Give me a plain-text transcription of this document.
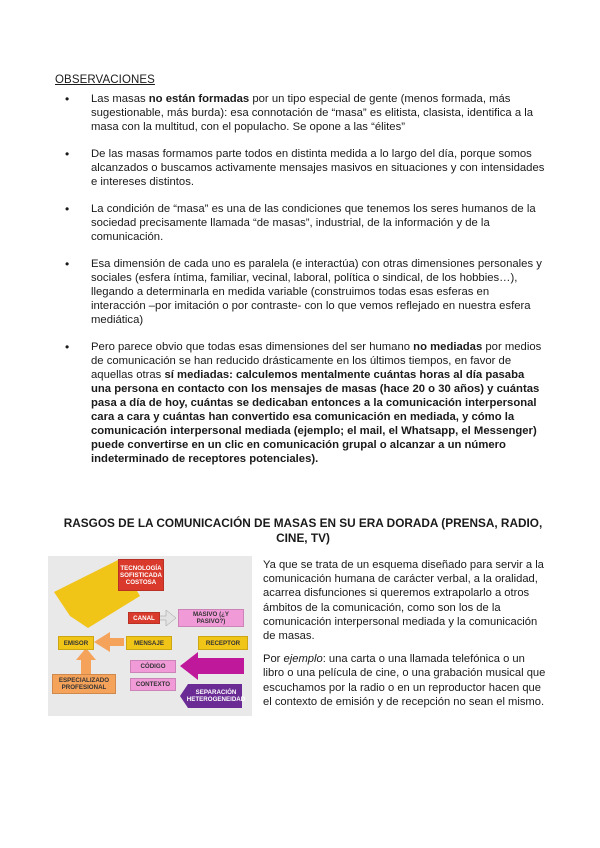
OBSERVACIONES
• Las masas no están formadas por un tipo especial de gente (menos formada, más sugestionable, más burda): esa connotación de “masa” es elitista, clasista, identifica a la masa con la multitud, con el populacho. Se opone a las “élites”
• De las masas formamos parte todos en distinta medida a lo largo del día, porque somos alcanzados o buscamos activamente mensajes masivos en situaciones y con intensidades e intereses distintos.
• La condición de “masa” es una de las condiciones que tenemos los seres humanos de la sociedad precisamente llamada “de masas”, industrial, de la información y de la comunicación.
• Esa dimensión de cada uno es paralela (e interactúa) con otras dimensiones personales y sociales (esfera íntima, familiar, vecinal, laboral, política o sindical, de los hobbies…), llegando a determinarla en medida variable (construimos todas esas esferas en interacción –por imitación o por contraste- con lo que vemos reflejado en nuestra esfera mediática)
• Pero parece obvio que todas esas dimensiones del ser humano no mediadas por medios de comunicación se han reducido drásticamente en los últimos tiempos, en favor de aquellas otras sí mediadas: calculemos mentalmente cuántas horas al día pasaba una persona en contacto con los mensajes de masas (hace 20 o 30 años) y cuántas pasa a día de hoy, cuántas se dedicaban entonces a la comunicación interpersonal cara a cara y cuántas han convertido esa comunicación en mediada, y cómo la comunicación interpersonal mediada (ejemplo; el mail, el Whatsapp, el Messenger) puede convertirse en un clic en comunicación grupal o alcanzar a un número indeterminado de receptores potenciales).
RASGOS DE LA COMUNICACIÓN DE MASAS EN SU ERA DORADA (PRENSA, RADIO, CINE, TV)
TECNOLOGÍA SOFISTICADA COSTOSA
CANAL	MASIVO (¿Y PASIVO?)
EMISOR	MENSAJE	RECEPTOR
CÓDIGO
CONTEXTO
ESPECIALIZADO PROFESIONAL
SEPARACIÓN HETEROGENEIDAD

Ya que se trata de un esquema diseñado para servir a la comunicación humana de carácter verbal, a la oralidad, acarrea disfunciones si queremos extrapolarlo a otros ámbitos de la comunicación, como son los de la comunicación interpersonal mediada y la comunicación de masas.

Por ejemplo: una carta o una llamada telefónica o un libro o una película de cine, o una grabación musical que escuchamos por la radio o en un reproductor hacen que el contexto de emisión y de recepción no sean el mismo.
